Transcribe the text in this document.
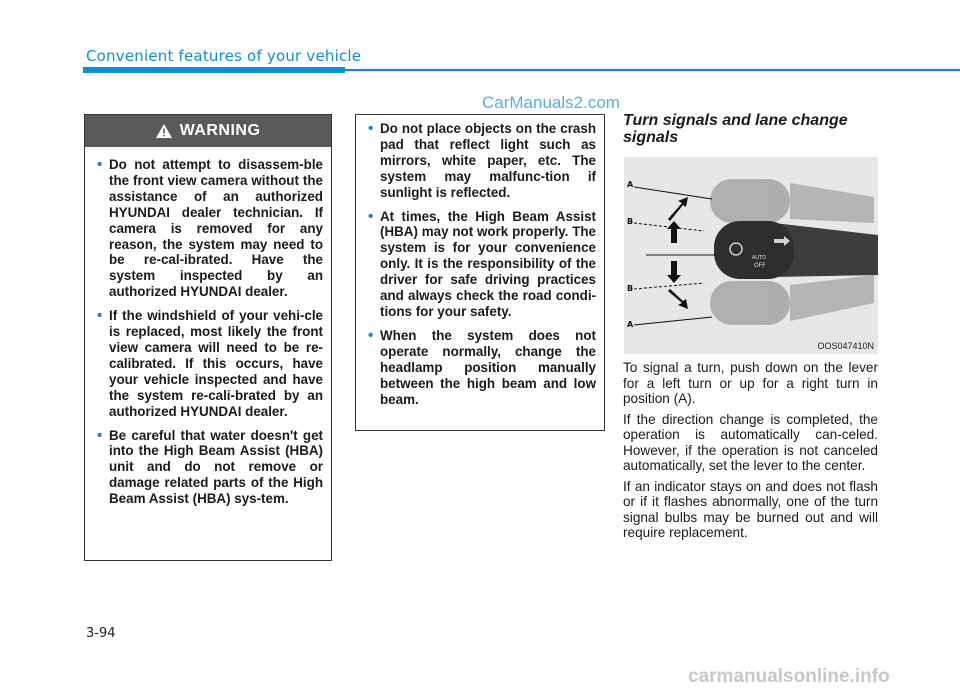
Convenient features of your vehicle
CarManuals2.com
WARNING
• Do not attempt to disassem-ble the front view camera without the assistance of an authorized HYUNDAI dealer technician. If camera is removed for any reason, the system may need to be re-cal-ibrated. Have the system inspected by an authorized HYUNDAI dealer.
• If the windshield of your vehi-cle is replaced, most likely the front view camera will need to be re-calibrated. If this occurs, have your vehicle inspected and have the system re-cali-brated by an authorized HYUNDAI dealer.
• Be careful that water doesn't get into the High Beam Assist (HBA) unit and do not remove or damage related parts of the High Beam Assist (HBA) sys-tem.
• Do not place objects on the crash pad that reflect light such as mirrors, white paper, etc. The system may malfunc-tion if sunlight is reflected.
• At times, the High Beam Assist (HBA) may not work properly. The system is for your convenience only. It is the responsibility of the driver for safe driving practices and always check the road condi-tions for your safety.
• When the system does not operate normally, change the headlamp position manually between the high beam and low beam.
Turn signals and lane change signals
OFF
AUTO
A
B
B
A
OOS047410N

To signal a turn, push down on the lever for a left turn or up for a right turn in position (A).

If the direction change is completed, the operation is automatically can-celed. However, if the operation is not canceled automatically, set the lever to the center.

If an indicator stays on and does not flash or if it flashes abnormally, one of the turn signal bulbs may be burned out and will require replacement.

3-94
carmanualsonline.info
